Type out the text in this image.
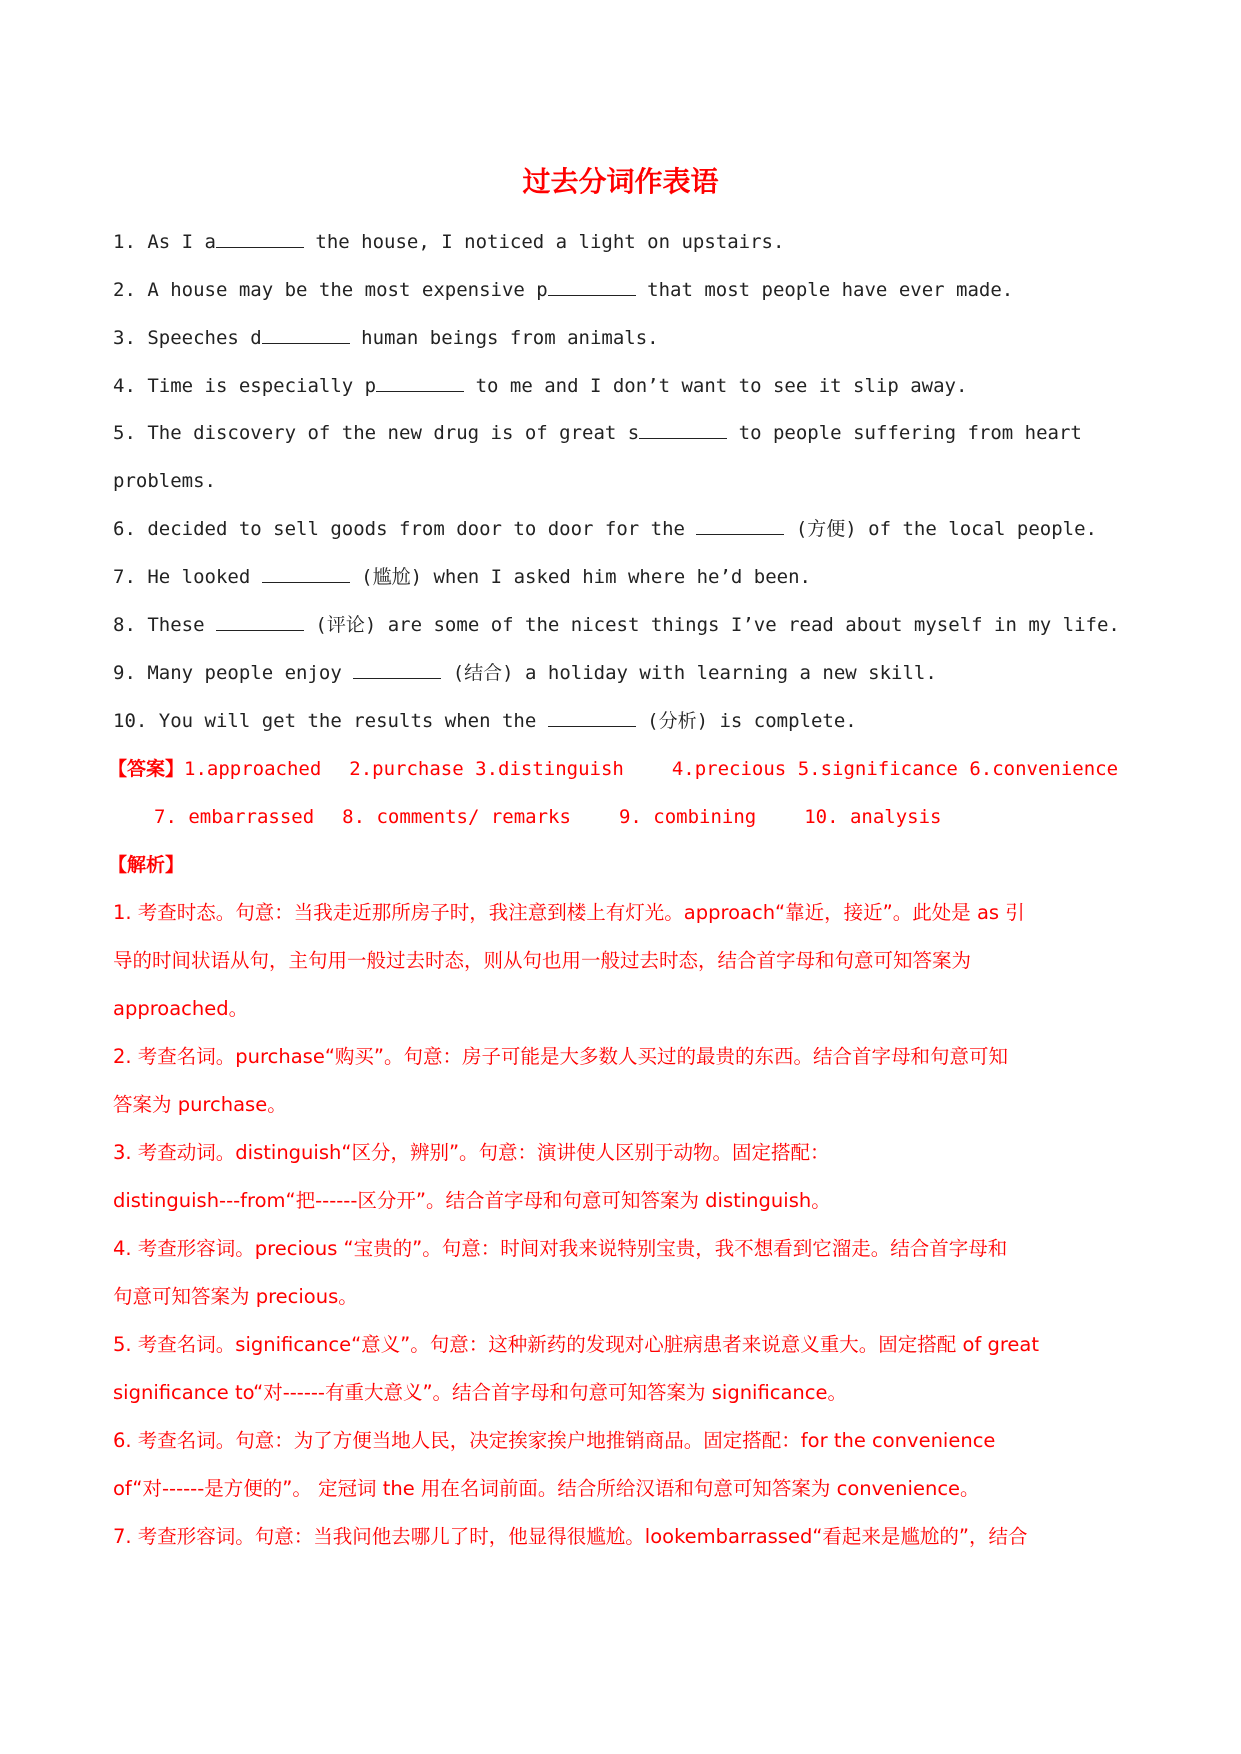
过去分词作表语
1. As I a	the house, I noticed a light on upstairs.
2. A house may be the most expensive p	that most people have ever made.
3. Speeches d	human beings from animals.
4. Time is especially p	to me and I don’t want to see it slip away.
5. The discovery of the new drug is of great s	to people suffering from heart
problems.
6. decided to sell goods from door to door for the	(方便) of the local people.
7. He looked	(尴尬) when I asked him where he’d been.
8. These	(评论) are some of the nicest things I’ve read about myself in my life.
9. Many people enjoy	(结合) a holiday with learning a new skill.
10. You will get the results when the	(分析) is complete.
【答案】1.approached 2.purchase 3.distinguish	4.precious 5.significance 6.convenience
7. embarrassed 8. comments/ remarks	9. combining	10. analysis
【解析】
1. 考查时态。句意：当我走近那所房子时，我注意到楼上有灯光。approach“靠近，接近”。此处是 as 引
导的时间状语从句，主句用一般过去时态，则从句也用一般过去时态，结合首字母和句意可知答案为
approached。
2. 考查名词。purchase“购买”。句意：房子可能是大多数人买过的最贵的东西。结合首字母和句意可知
答案为 purchase。
3. 考查动词。distinguish“区分，辨别”。句意：演讲使人区别于动物。固定搭配：
distinguish---from“把------区分开”。结合首字母和句意可知答案为 distinguish。
4. 考查形容词。precious “宝贵的”。句意：时间对我来说特别宝贵，我不想看到它溜走。结合首字母和
句意可知答案为 precious。
5. 考查名词。significance“意义”。句意：这种新药的发现对心脏病患者来说意义重大。固定搭配 of great
significance to“对------有重大意义”。结合首字母和句意可知答案为 significance。
6. 考查名词。句意：为了方便当地人民，决定挨家挨户地推销商品。固定搭配：for the convenience
of“对------是方便的”。 定冠词 the 用在名词前面。结合所给汉语和句意可知答案为 convenience。
7. 考查形容词。句意：当我问他去哪儿了时，他显得很尴尬。lookembarrassed“看起来是尴尬的”，结合
